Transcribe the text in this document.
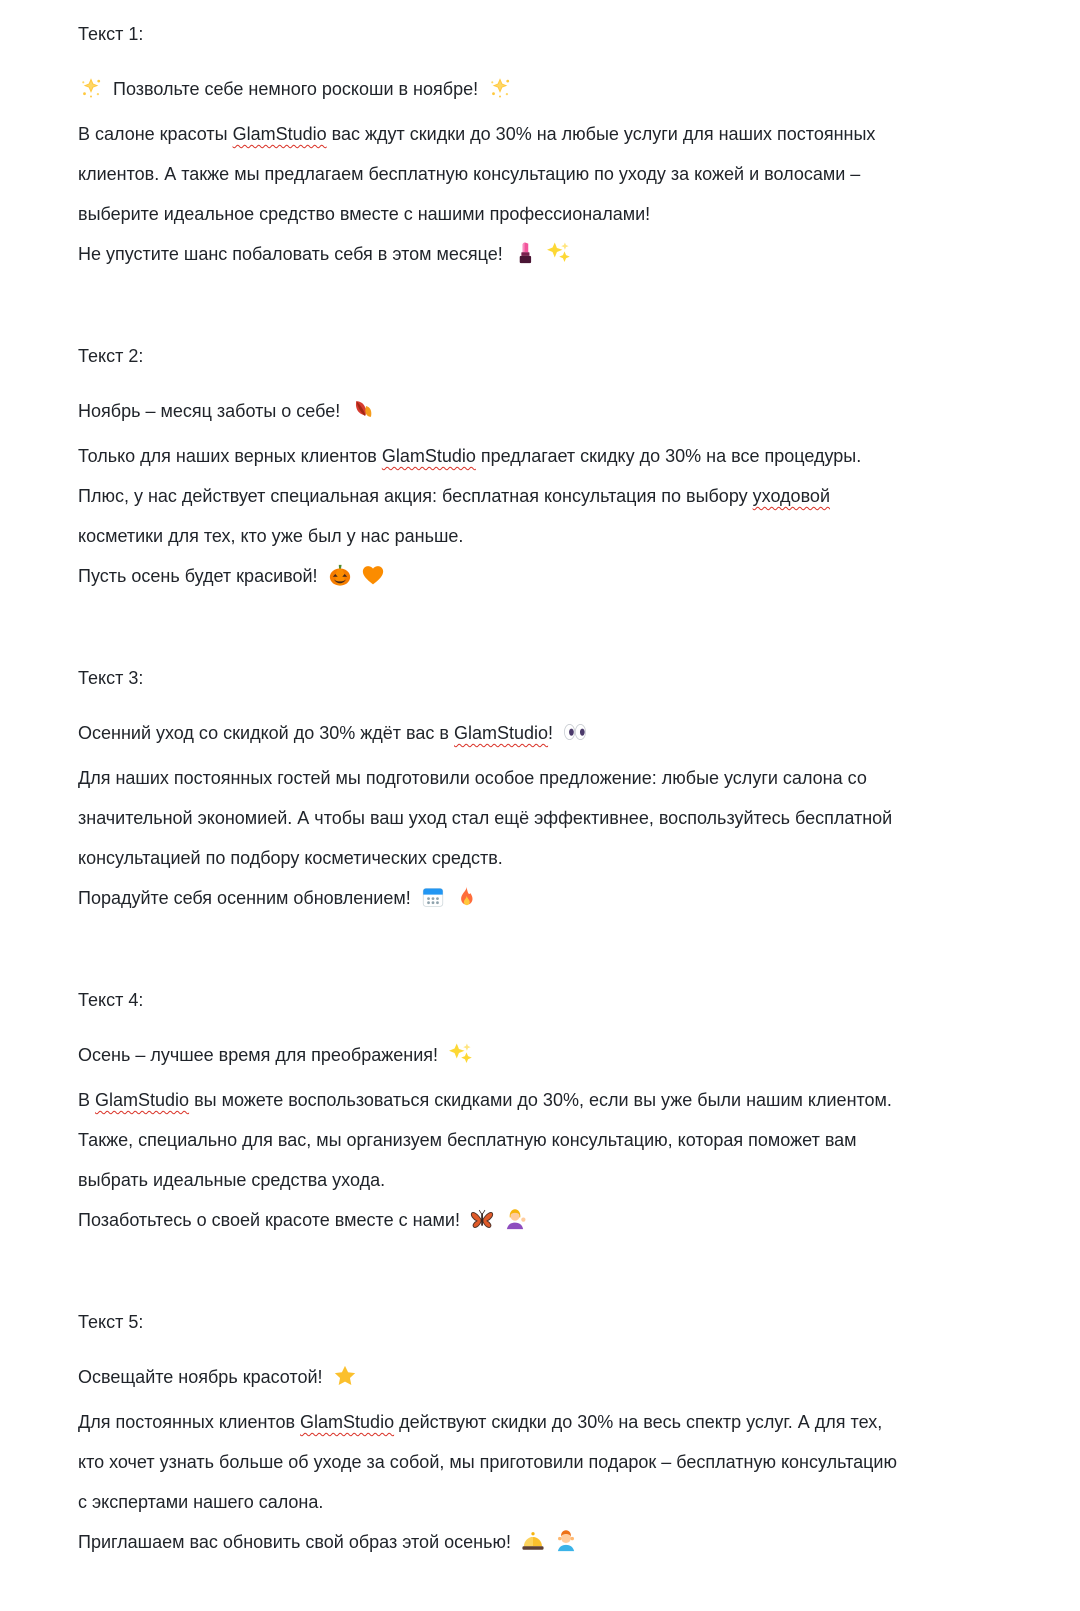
Текст 1:
Позвольте себе немного роскоши в ноябре!
В салоне красоты GlamStudio вас ждут скидки до 30% на любые услуги для наших постоянных
клиентов. А также мы предлагаем бесплатную консультацию по уходу за кожей и волосами –
выберите идеальное средство вместе с нашими профессионалами!
Не упустите шанс побаловать себя в этом месяце!
Текст 2:
Ноябрь – месяц заботы о себе!
Только для наших верных клиентов GlamStudio предлагает скидку до 30% на все процедуры.
Плюс, у нас действует специальная акция: бесплатная консультация по выбору уходовой
косметики для тех, кто уже был у нас раньше.
Пусть осень будет красивой!
Текст 3:
Осенний уход со скидкой до 30% ждёт вас в GlamStudio!
Для наших постоянных гостей мы подготовили особое предложение: любые услуги салона со
значительной экономией. А чтобы ваш уход стал ещё эффективнее, воспользуйтесь бесплатной
консультацией по подбору косметических средств.
Порадуйте себя осенним обновлением!
Текст 4:
Осень – лучшее время для преображения!
В GlamStudio вы можете воспользоваться скидками до 30%, если вы уже были нашим клиентом.
Также, специально для вас, мы организуем бесплатную консультацию, которая поможет вам
выбрать идеальные средства ухода.
Позаботьтесь о своей красоте вместе с нами!
Текст 5:
Освещайте ноябрь красотой!
Для постоянных клиентов GlamStudio действуют скидки до 30% на весь спектр услуг. А для тех,
кто хочет узнать больше об уходе за собой, мы приготовили подарок – бесплатную консультацию
с экспертами нашего салона.
Приглашаем вас обновить свой образ этой осенью!
